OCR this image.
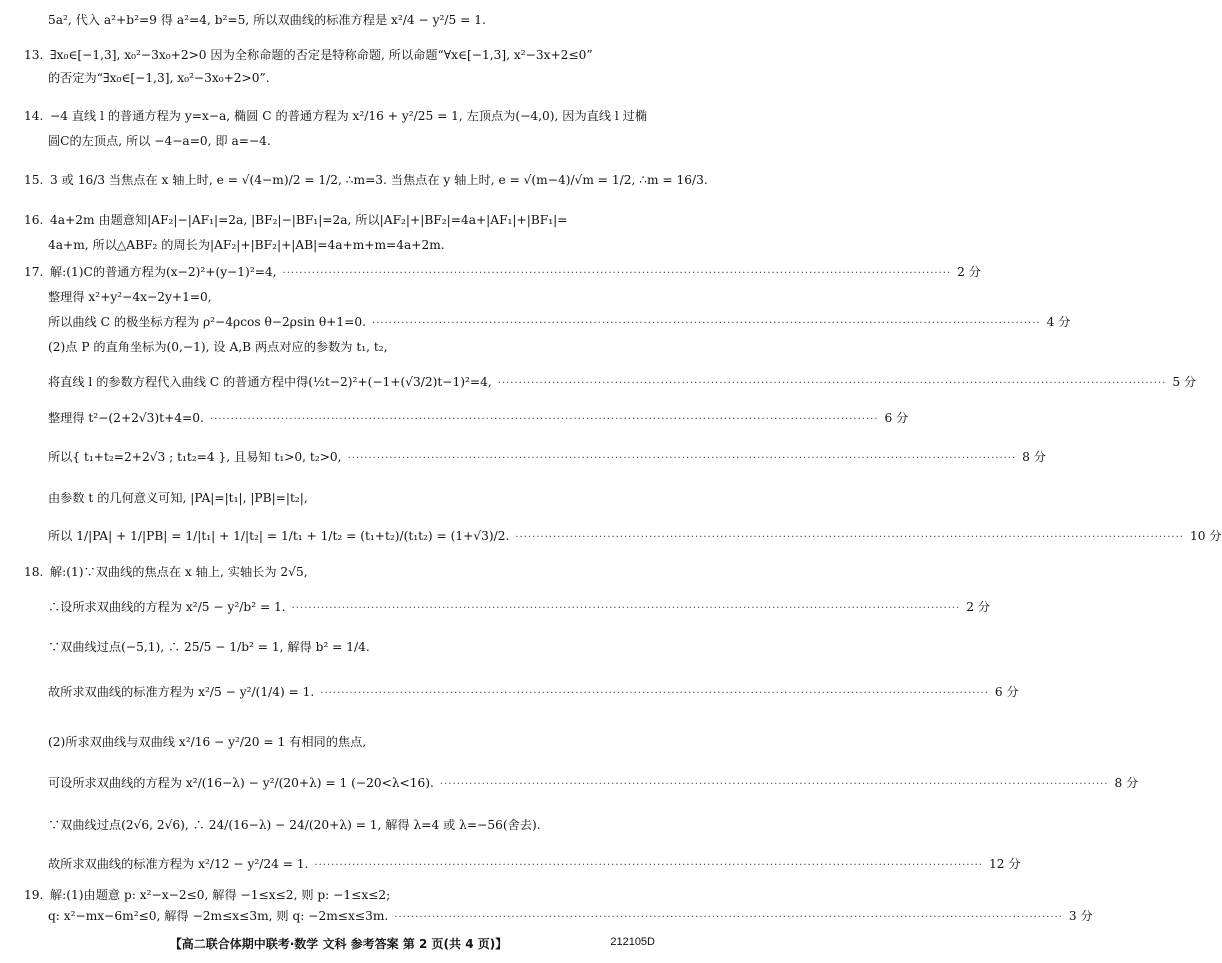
5a², 代入 a²+b²=9 得 a²=4, b²=5, 所以双曲线的标准方程是 x²/4 − y²/5 = 1.
13. ∃x₀∈[−1,3], x₀²−3x₀+2>0 因为全称命题的否定是特称命题, 所以命题“∀x∈[−1,3], x²−3x+2≤0”
的否定为“∃x₀∈[−1,3], x₀²−3x₀+2>0”.
14. −4 直线 l 的普通方程为 y=x−a, 椭圆 C 的普通方程为 x²/16 + y²/25 = 1, 左顶点为(−4,0), 因为直线 l 过椭
圆C的左顶点, 所以 −4−a=0, 即 a=−4.
15. 3 或 16/3 当焦点在 x 轴上时, e = √(4−m)/2 = 1/2, ∴m=3. 当焦点在 y 轴上时, e = √(m−4)/√m = 1/2, ∴m = 16/3.
16. 4a+2m 由题意知|AF₂|−|AF₁|=2a, |BF₂|−|BF₁|=2a, 所以|AF₂|+|BF₂|=4a+|AF₁|+|BF₁|=
4a+m, 所以△ABF₂ 的周长为|AF₂|+|BF₂|+|AB|=4a+m+m=4a+2m.
17. 解:(1)C的普通方程为(x−2)²+(y−1)²=4, ·····	2 分
整理得 x²+y²−4x−2y+1=0,
所以曲线 C 的极坐标方程为 ρ²−4ρcos θ−2ρsin θ+1=0. ·····	4 分
(2)点 P 的直角坐标为(0,−1), 设 A,B 两点对应的参数为 t₁, t₂,
将直线 l 的参数方程代入曲线 C 的普通方程中得(½t−2)²+(−1+(√3/2)t−1)²=4, ·····	5 分
整理得 t²−(2+2√3)t+4=0. ·····	6 分
所以{ t₁+t₂=2+2√3 ; t₁t₂=4 }, 且易知 t₁>0, t₂>0, ·····	8 分
由参数 t 的几何意义可知, |PA|=|t₁|, |PB|=|t₂|,
所以 1/|PA| + 1/|PB| = 1/|t₁| + 1/|t₂| = 1/t₁ + 1/t₂ = (t₁+t₂)/(t₁t₂) = (1+√3)/2. ·····	10 分
18. 解:(1)∵双曲线的焦点在 x 轴上, 实轴长为 2√5,
∴设所求双曲线的方程为 x²/5 − y²/b² = 1. ·····	2 分
∵双曲线过点(−5,1), ∴ 25/5 − 1/b² = 1, 解得 b² = 1/4.
故所求双曲线的标准方程为 x²/5 − y²/(1/4) = 1. ·····	6 分
(2)所求双曲线与双曲线 x²/16 − y²/20 = 1 有相同的焦点,
可设所求双曲线的方程为 x²/(16−λ) − y²/(20+λ) = 1 (−20<λ<16). ·····	8 分
∵双曲线过点(2√6, 2√6), ∴ 24/(16−λ) − 24/(20+λ) = 1, 解得 λ=4 或 λ=−56(舍去).
故所求双曲线的标准方程为 x²/12 − y²/24 = 1. ·····	12 分
19. 解:(1)由题意 p: x²−x−2≤0, 解得 −1≤x≤2, 则 p: −1≤x≤2;
q: x²−mx−6m²≤0, 解得 −2m≤x≤3m, 则 q: −2m≤x≤3m. ·····	3 分
【高二联合体期中联考·数学 文科 参考答案 第 2 页(共 4 页)】	212105D
